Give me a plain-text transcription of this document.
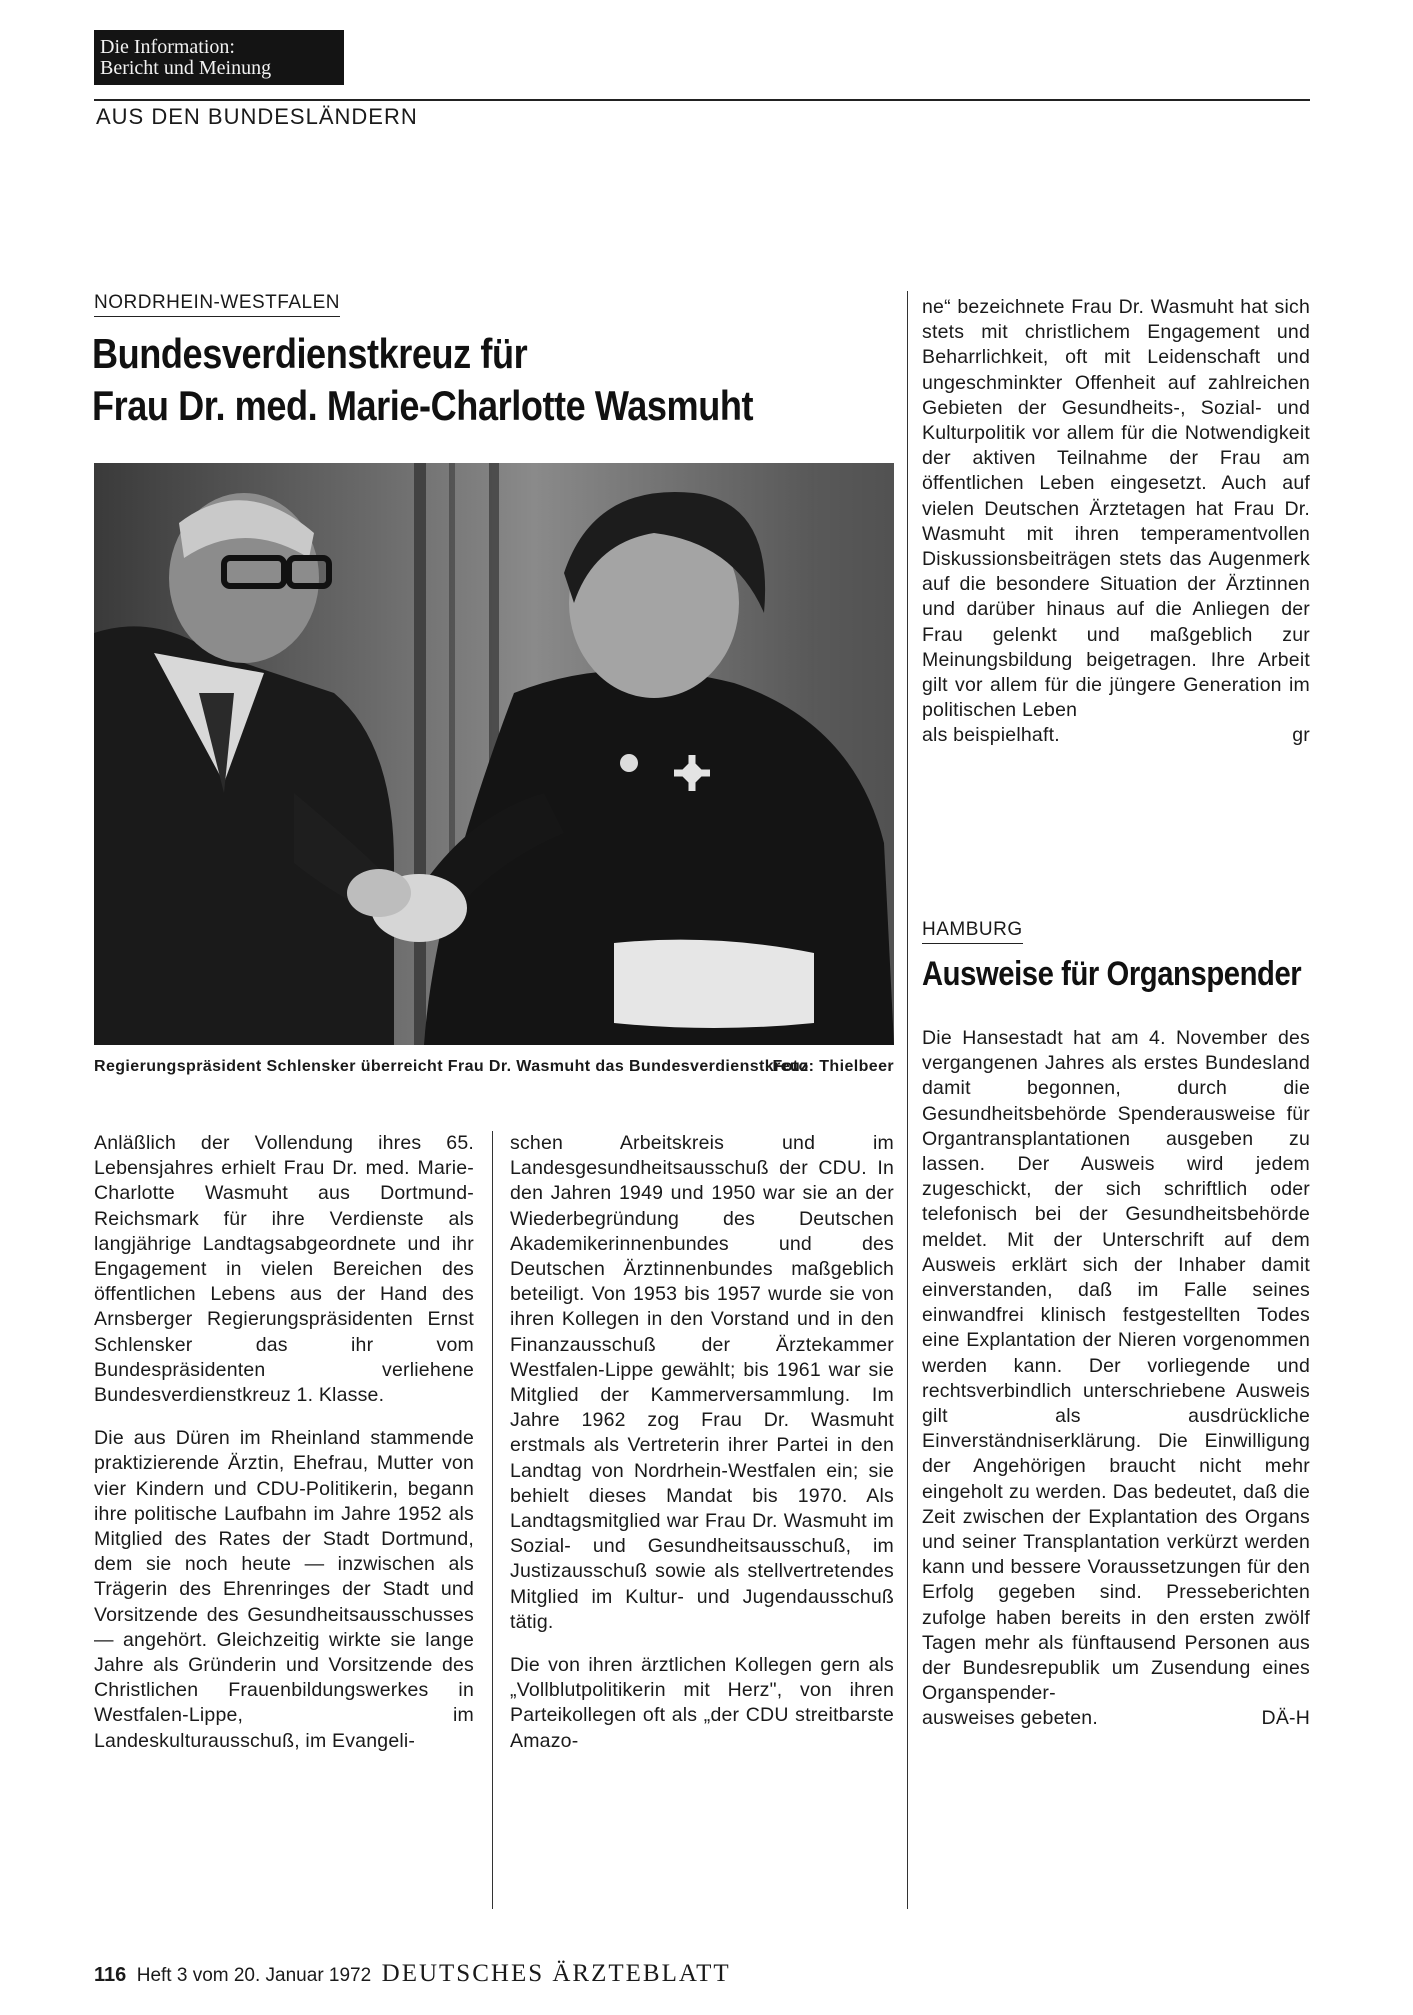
Die Information:
Bericht und Meinung
AUS DEN BUNDESLÄNDERN
NORDRHEIN-WESTFALEN
Bundesverdienstkreuz für
Frau Dr. med. Marie-Charlotte Wasmuht
Regierungspräsident Schlensker überreicht Frau Dr. Wasmuht das Bundesverdienstkreuz
Foto: Thielbeer

Anläßlich der Vollendung ihres 65. Lebensjahres erhielt Frau Dr. med. Marie-Charlotte Wasmuht aus Dortmund-Reichsmark für ihre Verdienste als langjährige Landtagsabgeordnete und ihr Engagement in vielen Bereichen des öffentlichen Lebens aus der Hand des Arnsberger Regierungspräsidenten Ernst Schlensker das ihr vom Bundespräsidenten verliehene Bundesverdienstkreuz 1. Klasse.

Die aus Düren im Rheinland stammende praktizierende Ärztin, Ehefrau, Mutter von vier Kindern und CDU-Politikerin, begann ihre politische Laufbahn im Jahre 1952 als Mitglied des Rates der Stadt Dortmund, dem sie noch heute — inzwischen als Trägerin des Ehrenringes der Stadt und Vorsitzende des Gesundheitsausschusses — angehört. Gleichzeitig wirkte sie lange Jahre als Gründerin und Vorsitzende des Christlichen Frauenbildungswerkes in Westfalen-Lippe, im Landeskulturausschuß, im Evangeli-

schen Arbeitskreis und im Landesgesundheitsausschuß der CDU. In den Jahren 1949 und 1950 war sie an der Wiederbegründung des Deutschen Akademikerinnenbundes und des Deutschen Ärztinnenbundes maßgeblich beteiligt. Von 1953 bis 1957 wurde sie von ihren Kollegen in den Vorstand und in den Finanzausschuß der Ärztekammer Westfalen-Lippe gewählt; bis 1961 war sie Mitglied der Kammerversammlung. Im Jahre 1962 zog Frau Dr. Wasmuht erstmals als Vertreterin ihrer Partei in den Landtag von Nordrhein-Westfalen ein; sie behielt dieses Mandat bis 1970. Als Landtagsmitglied war Frau Dr. Wasmuht im Sozial- und Gesundheitsausschuß, im Justizausschuß sowie als stellvertretendes Mitglied im Kultur- und Jugendausschuß tätig.

Die von ihren ärztlichen Kollegen gern als „Vollblutpolitikerin mit Herz", von ihren Parteikollegen oft als „der CDU streitbarste Amazo-

ne“ bezeichnete Frau Dr. Wasmuht hat sich stets mit christlichem Engagement und Beharrlichkeit, oft mit Leidenschaft und ungeschminkter Offenheit auf zahlreichen Gebieten der Gesundheits-, Sozial- und Kulturpolitik vor allem für die Notwendigkeit der aktiven Teilnahme der Frau am öffentlichen Leben eingesetzt. Auch auf vielen Deutschen Ärztetagen hat Frau Dr. Wasmuht mit ihren temperamentvollen Diskussionsbeiträgen stets das Augenmerk auf die besondere Situation der Ärztinnen und darüber hinaus auf die Anliegen der Frau gelenkt und maßgeblich zur Meinungsbildung beigetragen. Ihre Arbeit gilt vor allem für die jüngere Generation im politischen Leben

als beispielhaft.	gr
HAMBURG
Ausweise für Organspender

Die Hansestadt hat am 4. November des vergangenen Jahres als erstes Bundesland damit begonnen, durch die Gesundheitsbehörde Spenderausweise für Organtransplantationen ausgeben zu lassen. Der Ausweis wird jedem zugeschickt, der sich schriftlich oder telefonisch bei der Gesundheitsbehörde meldet. Mit der Unterschrift auf dem Ausweis erklärt sich der Inhaber damit einverstanden, daß im Falle seines einwandfrei klinisch festgestellten Todes eine Explantation der Nieren vorgenommen werden kann. Der vorliegende und rechtsverbindlich unterschriebene Ausweis gilt als ausdrückliche Einverständniserklärung. Die Einwilligung der Angehörigen braucht nicht mehr eingeholt zu werden. Das bedeutet, daß die Zeit zwischen der Explantation des Organs und seiner Transplantation verkürzt werden kann und bessere Voraussetzungen für den Erfolg gegeben sind. Presseberichten zufolge haben bereits in den ersten zwölf Tagen mehr als fünftausend Personen aus der Bundesrepublik um Zusendung eines Organspender-

ausweises gebeten.	DÄ-H
116 Heft 3 vom 20. Januar 1972 DEUTSCHES ÄRZTEBLATT
